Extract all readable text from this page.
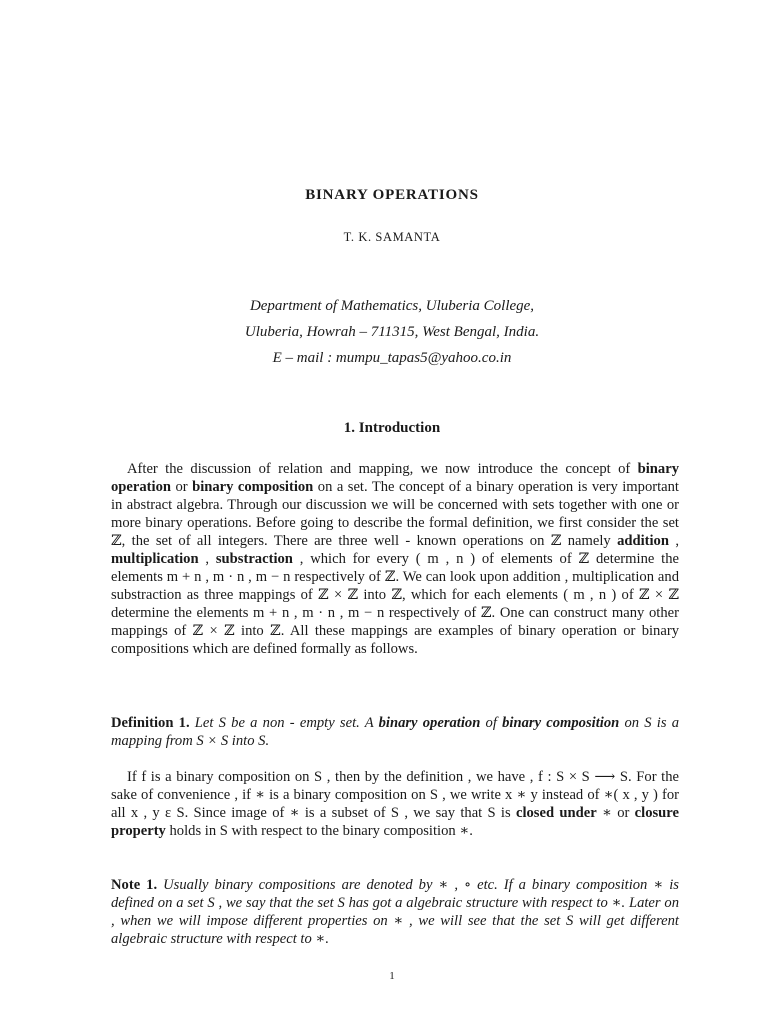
BINARY OPERATIONS
T. K. SAMANTA
Department of Mathematics, Uluberia College,
Uluberia, Howrah – 711315, West Bengal, India.
E – mail : mumpu_tapas5@yahoo.co.in
1. Introduction

After the discussion of relation and mapping, we now introduce the concept of binary operation or binary composition on a set. The concept of a binary operation is very important in abstract algebra. Through our discussion we will be concerned with sets together with one or more binary operations. Before going to describe the formal definition, we first consider the set ℤ, the set of all integers. There are three well - known operations on ℤ namely addition , multiplication , substraction , which for every ( m , n ) of elements of ℤ determine the elements m + n , m · n , m − n respectively of ℤ. We can look upon addition , multiplication and substraction as three mappings of ℤ × ℤ into ℤ, which for each elements ( m , n ) of ℤ × ℤ determine the elements m + n , m · n , m − n respectively of ℤ. One can construct many other mappings of ℤ × ℤ into ℤ. All these mappings are examples of binary operation or binary compositions which are defined formally as follows.

Definition 1. Let S be a non - empty set. A binary operation of binary composition on S is a mapping from S × S into S.

If f is a binary composition on S , then by the definition , we have , f : S × S ⟶ S. For the sake of convenience , if ∗ is a binary composition on S , we write x ∗ y instead of ∗( x , y ) for all x , y ε S. Since image of ∗ is a subset of S , we say that S is closed under ∗ or closure property holds in S with respect to the binary composition ∗.

Note 1. Usually binary compositions are denoted by ∗ , ∘ etc. If a binary composition ∗ is defined on a set S , we say that the set S has got a algebraic structure with respect to ∗. Later on , when we will impose different properties on ∗ , we will see that the set S will get different algebraic structure with respect to ∗.

1
